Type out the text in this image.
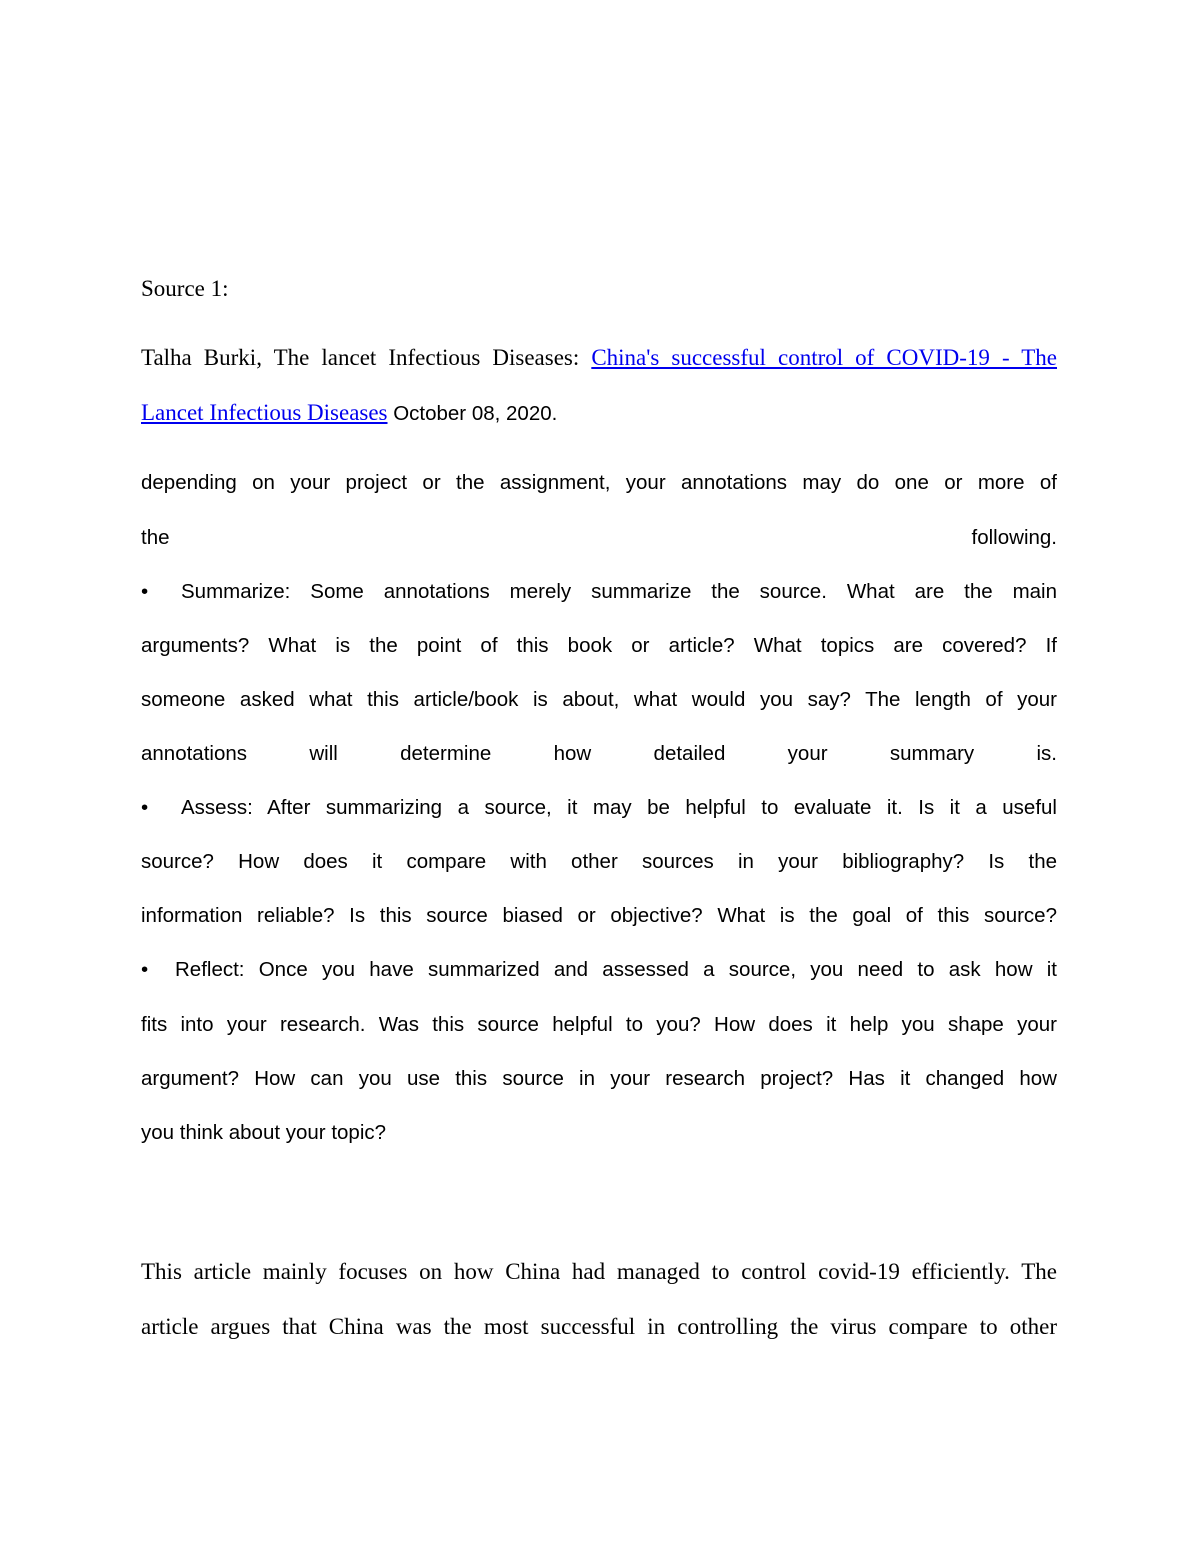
Source 1:
Talha Burki, The lancet Infectious Diseases: China's successful control of COVID-19 - The
Lancet Infectious Diseases October 08, 2020.
depending on your project or the assignment, your annotations may do one or more of
the	following.
• Summarize: Some annotations merely summarize the source. What are the main
arguments? What is the point of this book or article? What topics are covered? If
someone asked what this article/book is about, what would you say? The length of your
annotations will determine how detailed your summary is.
• Assess: After summarizing a source, it may be helpful to evaluate it. Is it a useful
source? How does it compare with other sources in your bibliography? Is the
information reliable? Is this source biased or objective? What is the goal of this source?
• Reflect: Once you have summarized and assessed a source, you need to ask how it
fits into your research. Was this source helpful to you? How does it help you shape your
argument? How can you use this source in your research project? Has it changed how
you think about your topic?
This article mainly focuses on how China had managed to control covid-19 efficiently. The
article argues that China was the most successful in controlling the virus compare to other
